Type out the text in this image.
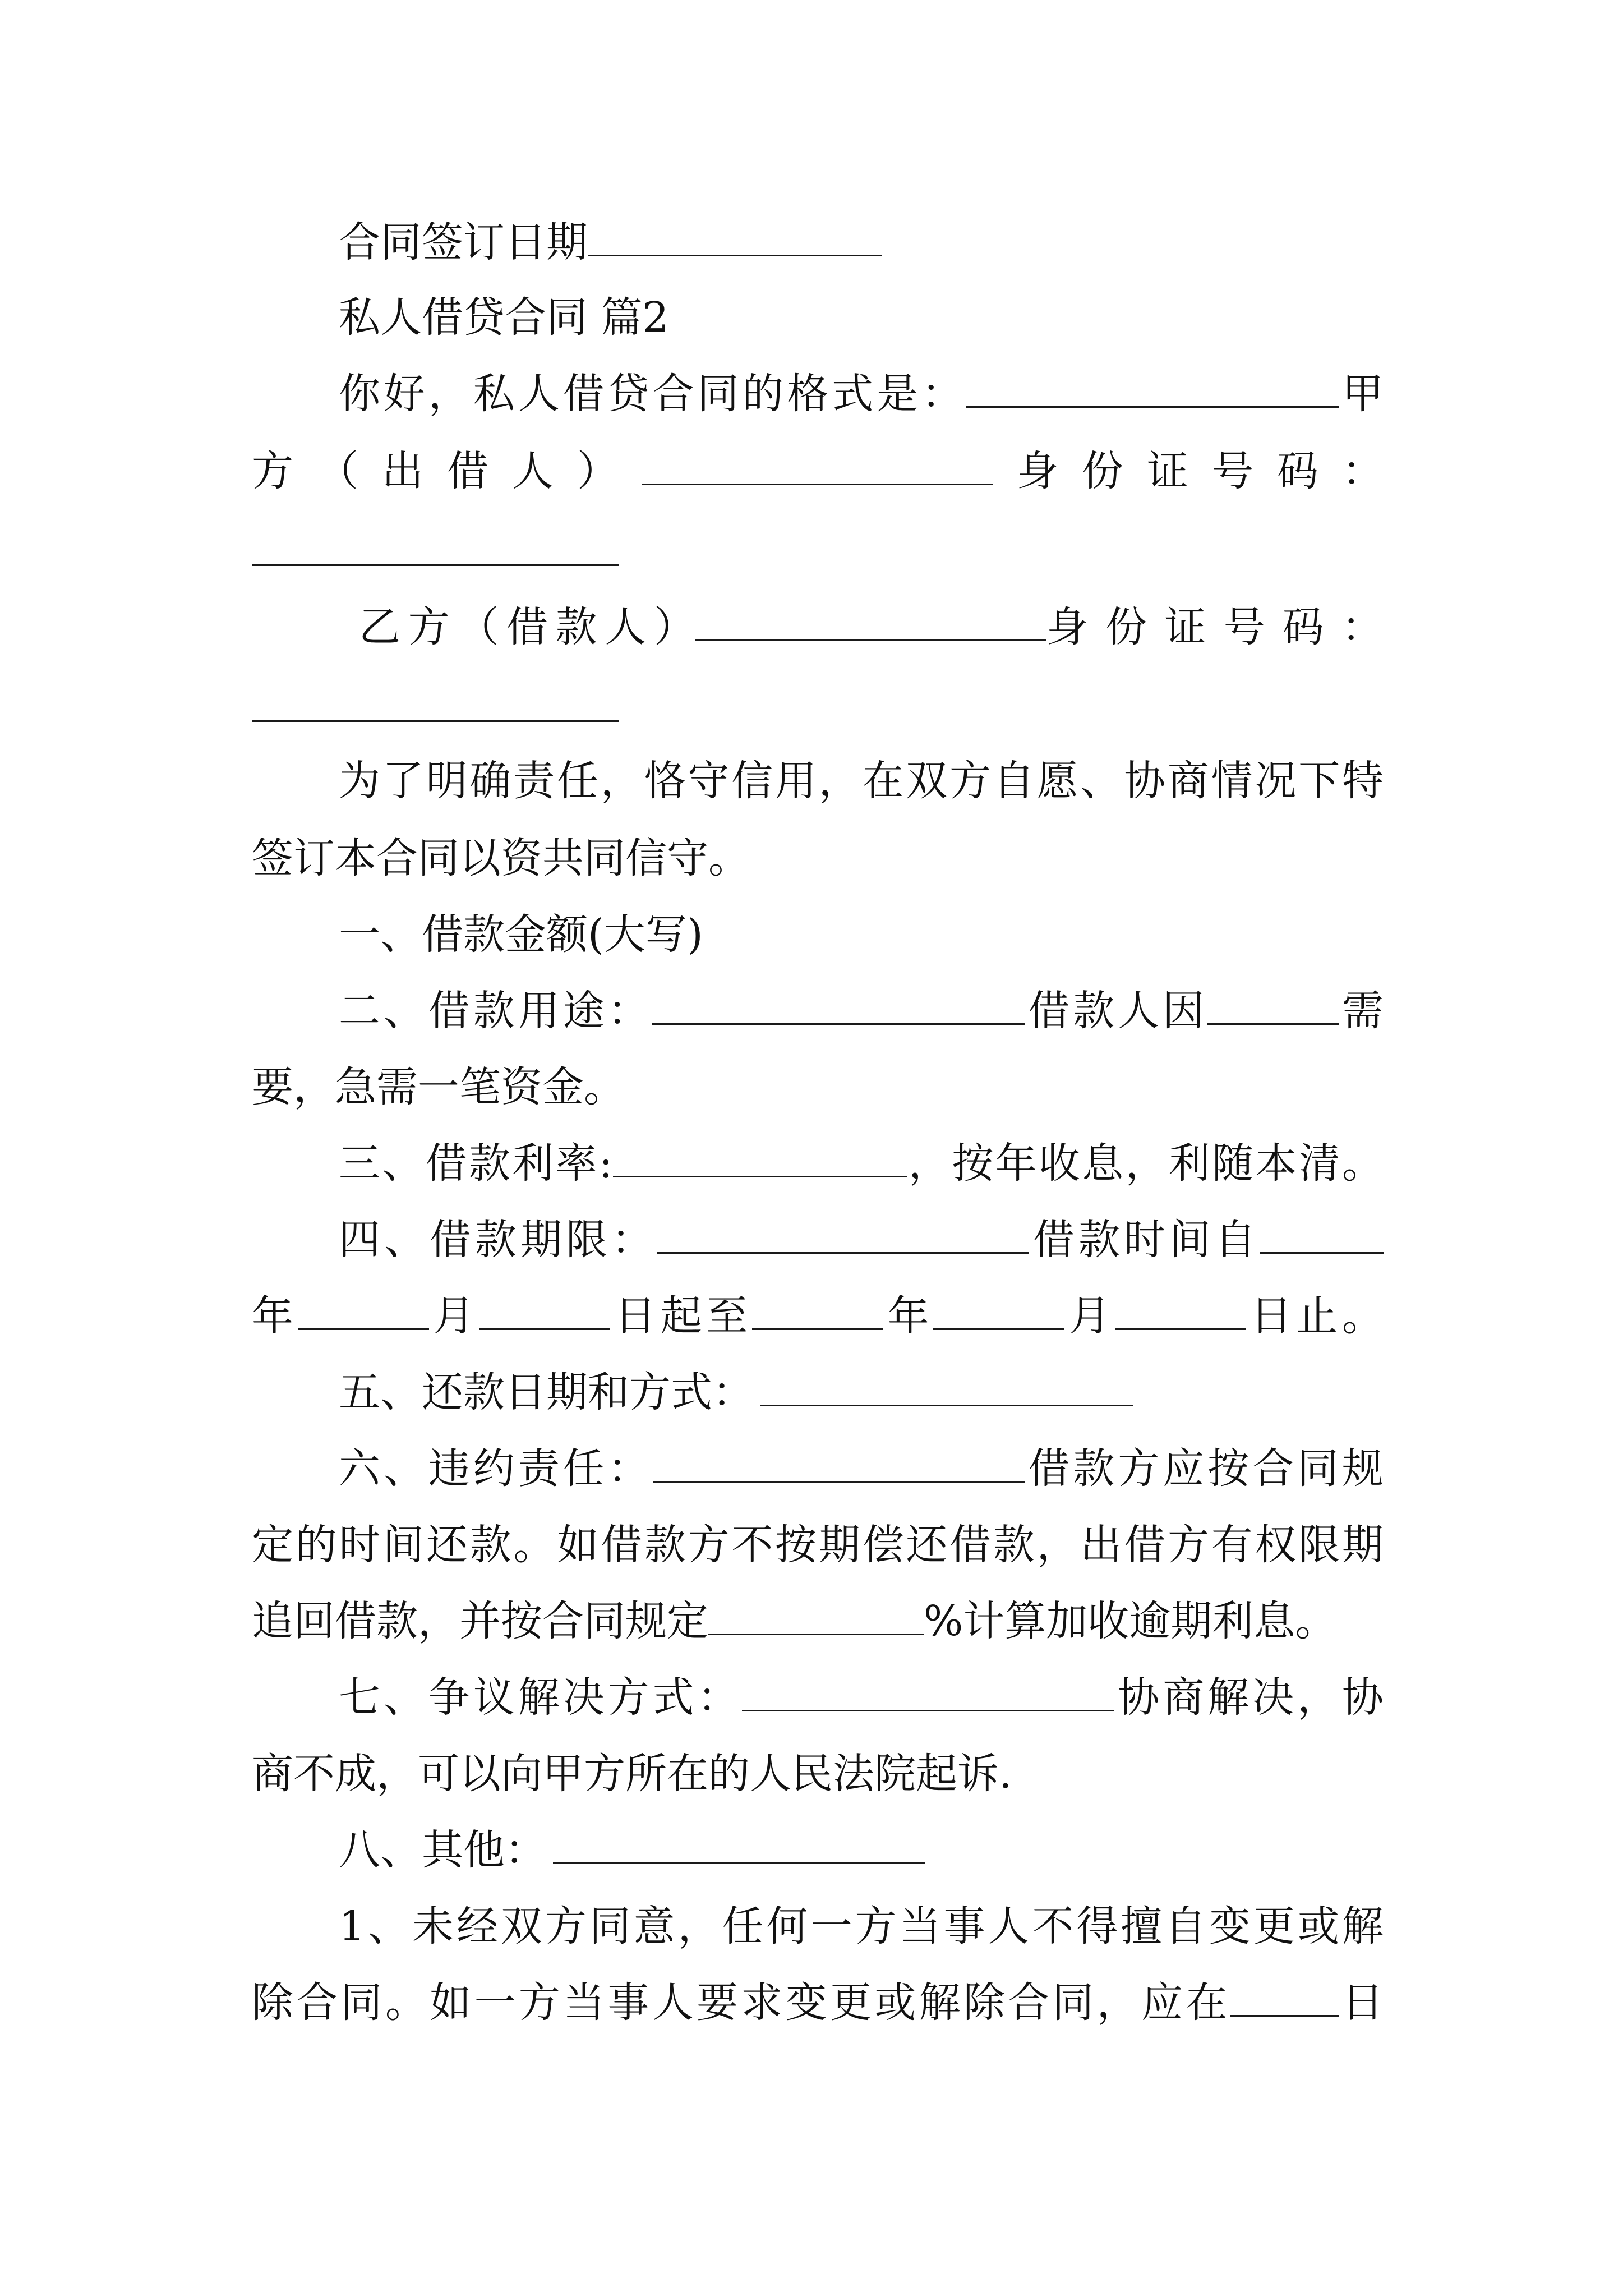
合同签订日期
私人借贷合同 篇2
你好，私人借贷合同的格式是：	甲
方（出借人）	身份证号码：
乙方（借款人）	身份证号码：
为了明确责任，恪守信用，在双方自愿、协商情况下特
签订本合同以资共同信守。
一、借款金额(大写)
二、借款用途：	借款人因	需
要，急需一笔资金。
三、借款利率:	，按年收息，利随本清。
四、借款期限：	借款时间自
年	月	日起至	年	月	日止。
五、还款日期和方式：
六、违约责任：	借款方应按合同规
定的时间还款。如借款方不按期偿还借款，出借方有权限期
追回借款，并按合同规定	%计算加收逾期利息。
七、争议解决方式：	协商解决，协
商不成，可以向甲方所在的人民法院起诉.
八、其他：
1、未经双方同意，任何一方当事人不得擅自变更或解
除合同。如一方当事人要求变更或解除合同，应在	日
